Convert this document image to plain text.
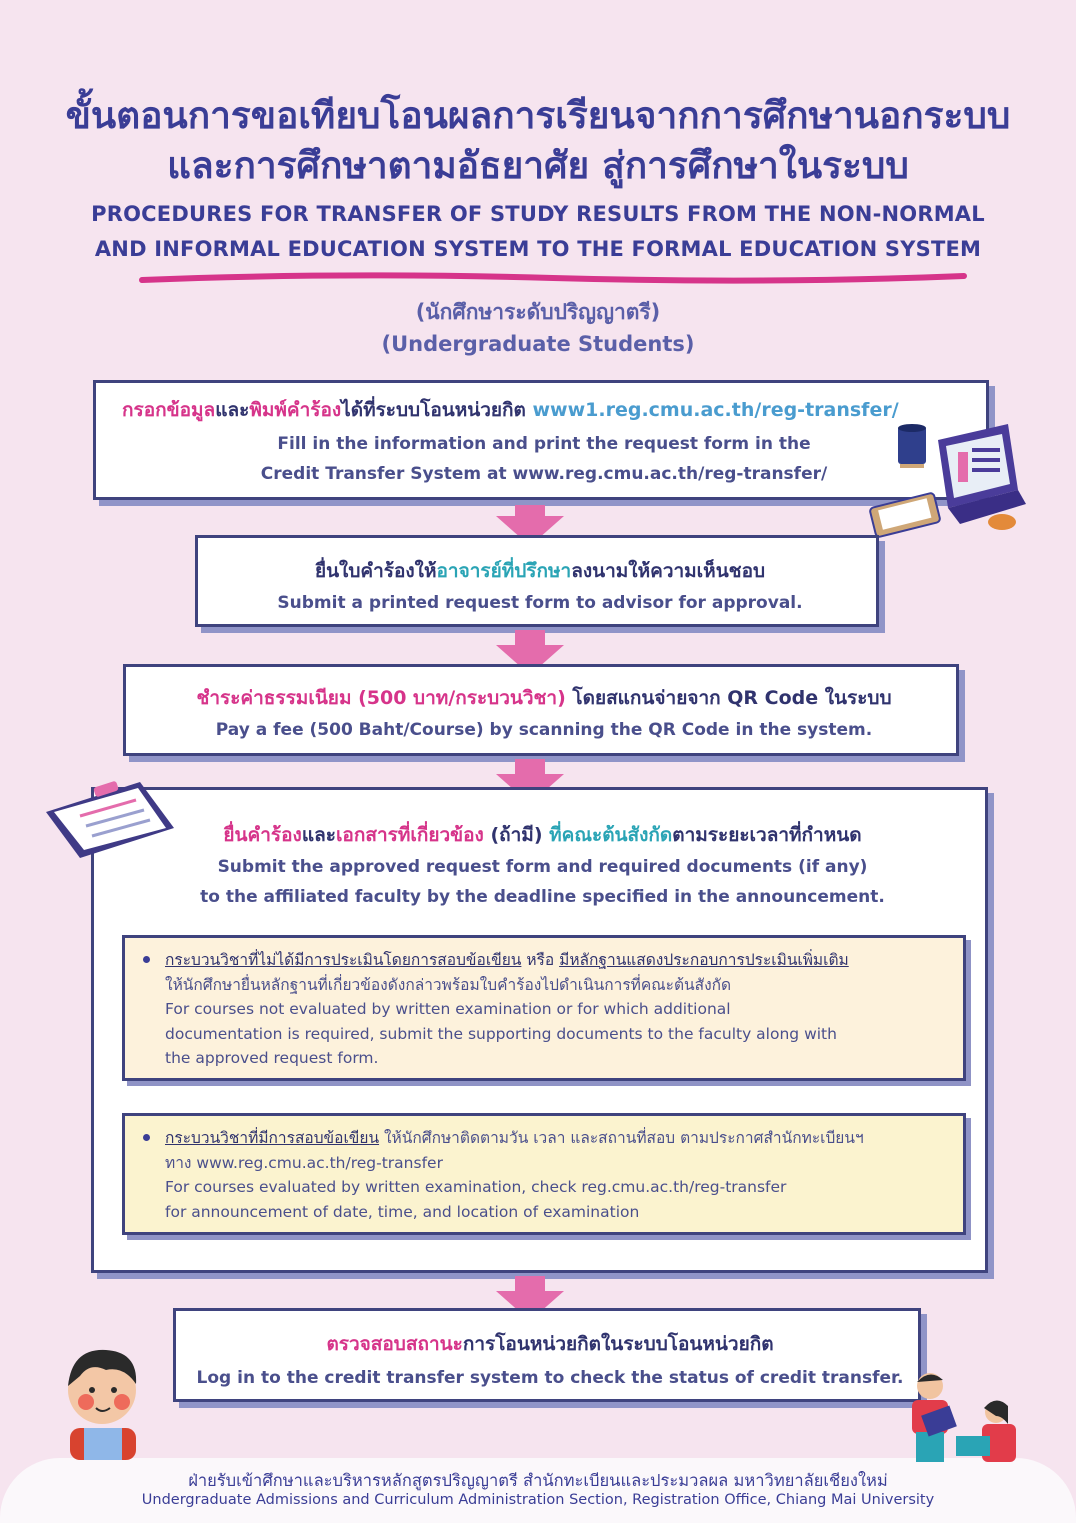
ขั้นตอนการขอเทียบโอนผลการเรียนจากการศึกษานอกระบบ
และการศึกษาตามอัธยาศัย สู่การศึกษาในระบบ
PROCEDURES FOR TRANSFER OF STUDY RESULTS FROM THE NON-NORMAL
AND INFORMAL EDUCATION SYSTEM TO THE FORMAL EDUCATION SYSTEM
(นักศึกษาระดับปริญญาตรี)
(Undergraduate Students)
กรอกข้อมูลและพิมพ์คำร้องได้ที่ระบบโอนหน่วยกิต www1.reg.cmu.ac.th/reg-transfer/
Fill in the information and print the request form in the
Credit Transfer System at www.reg.cmu.ac.th/reg-transfer/
ยื่นใบคำร้องให้อาจารย์ที่ปรึกษาลงนามให้ความเห็นชอบ
Submit a printed request form to advisor for approval.
ชำระค่าธรรมเนียม (500 บาท/กระบวนวิชา) โดยสแกนจ่ายจาก QR Code ในระบบ
Pay a fee (500 Baht/Course) by scanning the QR Code in the system.
ยื่นคำร้องและเอกสารที่เกี่ยวข้อง (ถ้ามี) ที่คณะต้นสังกัดตามระยะเวลาที่กำหนด
Submit the approved request form and required documents (if any)
to the affiliated faculty by the deadline specified in the announcement.
กระบวนวิชาที่ไม่ได้มีการประเมินโดยการสอบข้อเขียน หรือ มีหลักฐานแสดงประกอบการประเมินเพิ่มเติม
ให้นักศึกษายื่นหลักฐานที่เกี่ยวข้องดังกล่าวพร้อมใบคำร้องไปดำเนินการที่คณะต้นสังกัด
For courses not evaluated by written examination or for which additional
documentation is required, submit the supporting documents to the faculty along with
the approved request form.
กระบวนวิชาที่มีการสอบข้อเขียน ให้นักศึกษาติดตามวัน เวลา และสถานที่สอบ ตามประกาศสำนักทะเบียนฯ
ทาง www.reg.cmu.ac.th/reg-transfer
For courses evaluated by written examination, check reg.cmu.ac.th/reg-transfer
for announcement of date, time, and location of examination
ตรวจสอบสถานะการโอนหน่วยกิตในระบบโอนหน่วยกิต
Log in to the credit transfer system to check the status of credit transfer.
ฝ่ายรับเข้าศึกษาและบริหารหลักสูตรปริญญาตรี สำนักทะเบียนและประมวลผล มหาวิทยาลัยเชียงใหม่
Undergraduate Admissions and Curriculum Administration Section, Registration Office, Chiang Mai University
